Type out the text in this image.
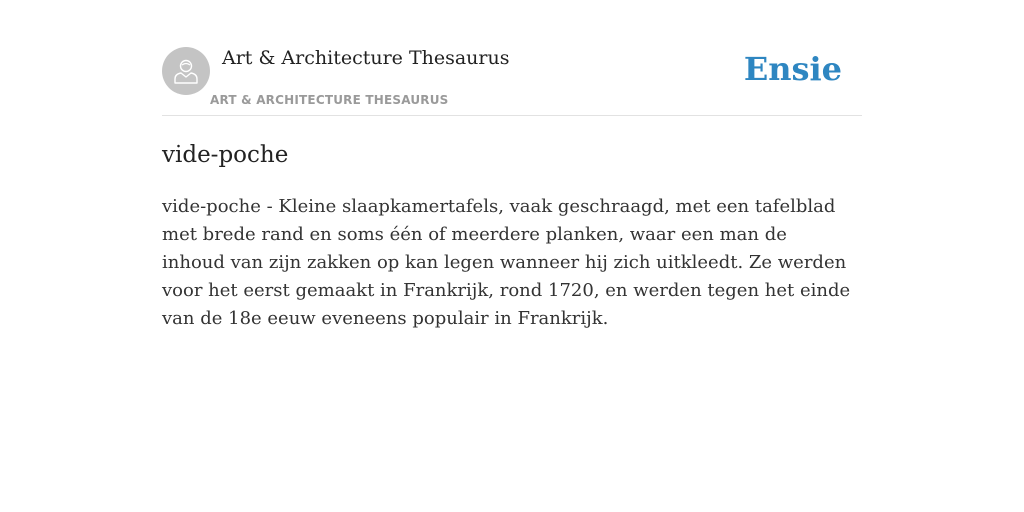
Art & Architecture Thesaurus
ART & ARCHITECTURE THESAURUS
Ensie
vide-poche

vide-poche - Kleine slaapkamertafels, vaak geschraagd, met een tafelblad met brede rand en soms één of meerdere planken, waar een man de inhoud van zijn zakken op kan legen wanneer hij zich uitkleedt. Ze werden voor het eerst gemaakt in Frankrijk, rond 1720, en werden tegen het einde van de 18e eeuw eveneens populair in Frankrijk.
